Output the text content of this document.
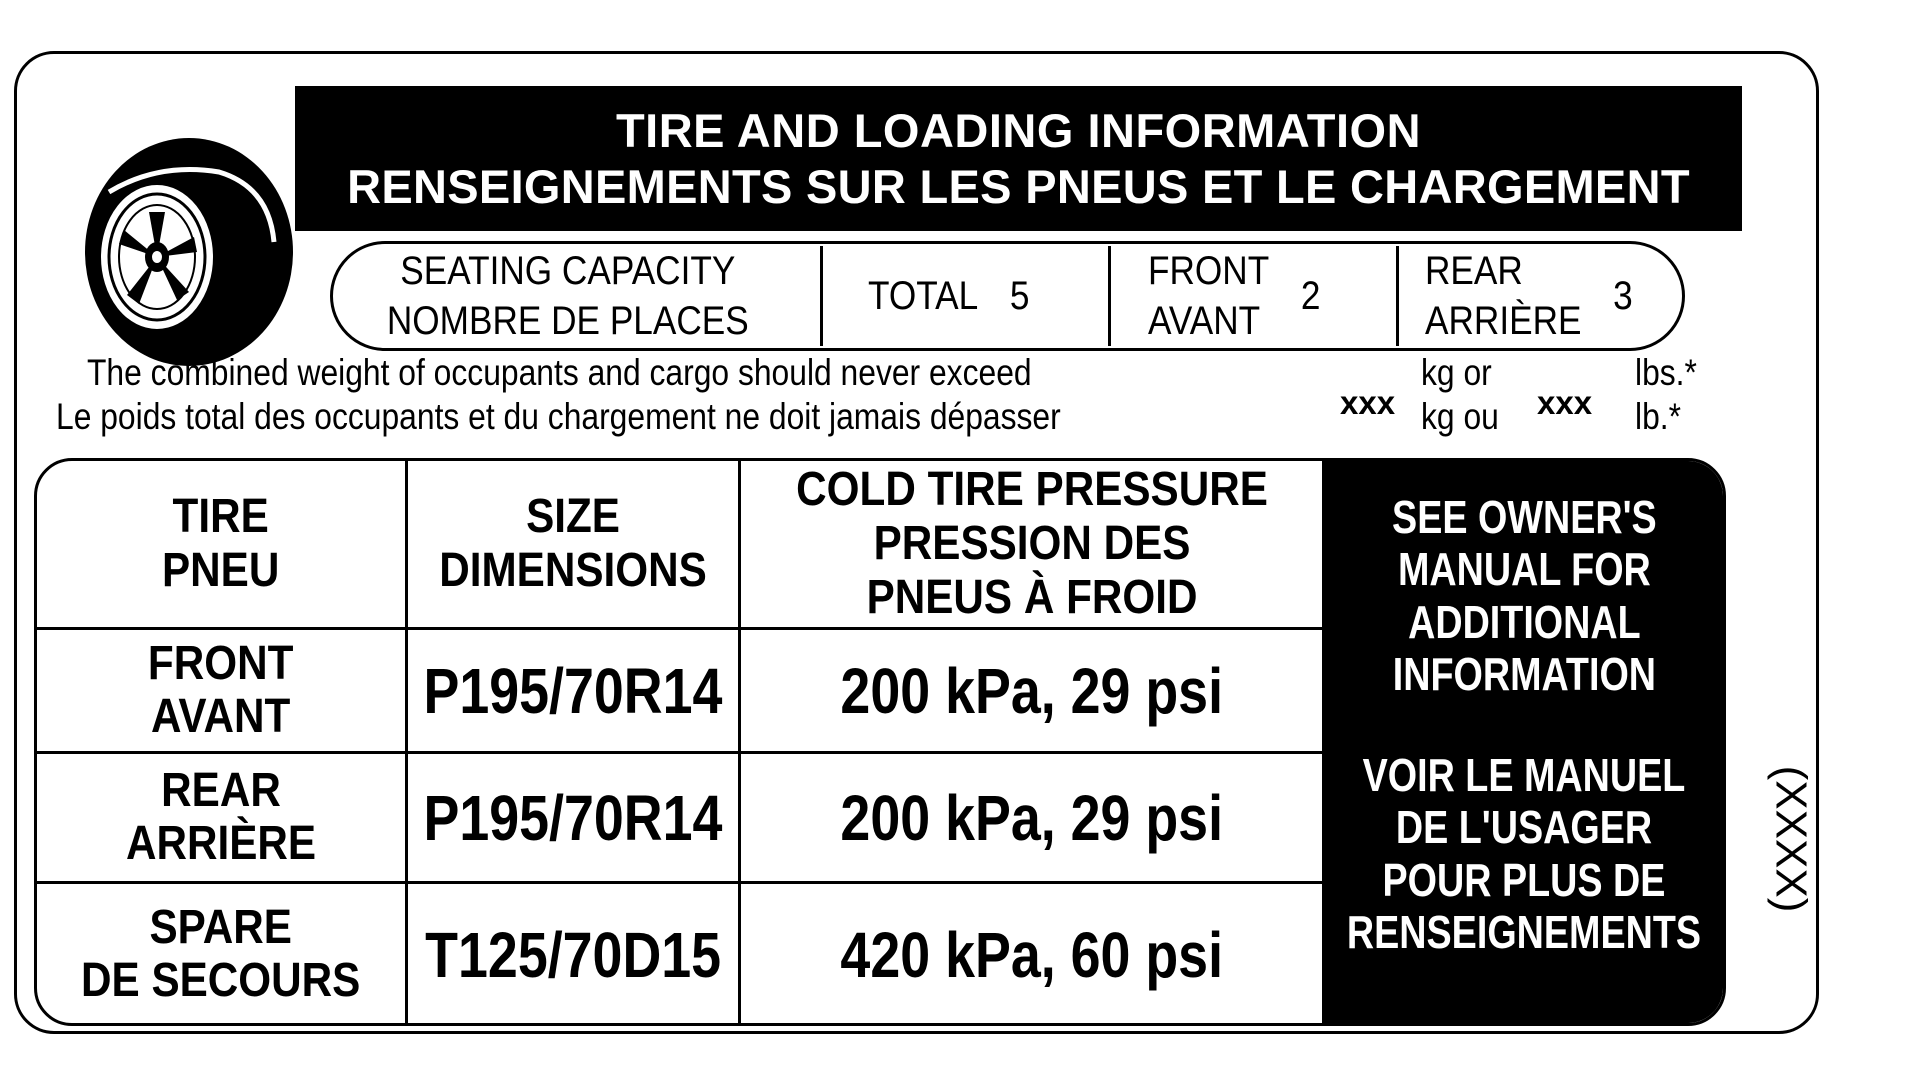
TIRE AND LOADING INFORMATION
RENSEIGNEMENTS SUR LES PNEUS ET LE CHARGEMENT
SEATING CAPACITY
NOMBRE DE PLACES
TOTAL 5
FRONT
AVANT
2
REAR
ARRIÈRE
3
The combined weight of occupants and cargo should never exceed
Le poids total des occupants et du chargement ne doit jamais dépasser	xxx
kg or
kg ou xxx
lbs.*
lb.*
TIRE
PNEU
SIZE
DIMENSIONS
COLD TIRE PRESSURE
PRESSION DES
PNEUS À FROID
FRONT
AVANT P195/70R14 200 kPa, 29 psi
REAR
ARRIÈRE P195/70R14 200 kPa, 29 psi
SPARE
DE SECOURS T125/70D15 420 kPa, 60 psi
SEE OWNER'S
MANUAL FOR
ADDITIONAL
INFORMATION
VOIR LE MANUEL
DE L'USAGER
POUR PLUS DE
RENSEIGNEMENTS
(XXXX)
